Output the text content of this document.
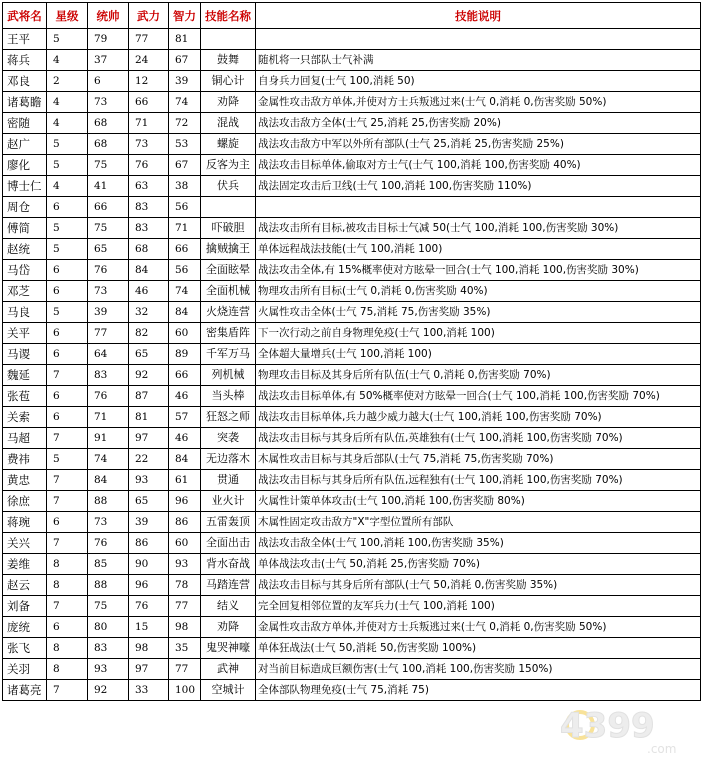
武将名	星级	统帅	武力	智力	技能名称	技能说明
王平	5	79	77	81		
蒋兵	4	37	24	67	鼓舞	随机将一只部队士气补满
邓良	2	6	12	39	铜心计	自身兵力回复(士气 100,消耗 50)
诸葛瞻	4	73	66	74	劝降	金属性攻击敌方单体,并使对方士兵叛逃过来(士气 0,消耗 0,伤害奖励 50%)
密随	4	68	71	72	混战	战法攻击敌方全体(士气 25,消耗 25,伤害奖励 20%)
赵广	5	68	73	53	螺旋	战法攻击敌方中军以外所有部队(士气 25,消耗 25,伤害奖励 25%)
廖化	5	75	76	67	反客为主	战法攻击目标单体,偷取对方士气(士气 100,消耗 100,伤害奖励 40%)
博士仁	4	41	63	38	伏兵	战法固定攻击后卫线(士气 100,消耗 100,伤害奖励 110%)
周仓	6	66	83	56		
傅简	5	75	83	71	吓破胆	战法攻击所有目标,被攻击目标士气减 50(士气 100,消耗 100,伤害奖励 30%)
赵统	5	65	68	66	擒贼擒王	单体远程战法技能(士气 100,消耗 100)
马岱	6	76	84	56	全面眩晕	战法攻击全体,有 15%概率使对方眩晕一回合(士气 100,消耗 100,伤害奖励 30%)
邓芝	6	73	46	74	全面机械	物理攻击所有目标(士气 0,消耗 0,伤害奖励 40%)
马良	5	39	32	84	火烧连营	火属性攻击全体(士气 75,消耗 75,伤害奖励 35%)
关平	6	77	82	60	密集盾阵	下一次行动之前自身物理免疫(士气 100,消耗 100)
马谡	6	64	65	89	千军万马	全体超大量增兵(士气 100,消耗 100)
魏延	7	83	92	66	列机械	物理攻击目标及其身后所有队伍(士气 0,消耗 0,伤害奖励 70%)
张苞	6	76	87	46	当头棒	战法攻击目标单体,有 50%概率使对方眩晕一回合(士气 100,消耗 100,伤害奖励 70%)
关索	6	71	81	57	狂怒之师	战法攻击目标单体,兵力越少威力越大(士气 100,消耗 100,伤害奖励 70%)
马超	7	91	97	46	突袭	战法攻击目标与其身后所有队伍,英雄独有(士气 100,消耗 100,伤害奖励 70%)
费祎	5	74	22	84	无边落木	木属性攻击目标与其身后部队(士气 75,消耗 75,伤害奖励 70%)
黄忠	7	84	93	61	贯通	战法攻击目标与其身后所有队伍,远程独有(士气 100,消耗 100,伤害奖励 70%)
徐庶	7	88	65	96	业火计	火属性计策单体攻击(士气 100,消耗 100,伤害奖励 80%)
蒋琬	6	73	39	86	五雷轰顶	木属性固定攻击敌方"X"字型位置所有部队
关兴	7	76	86	60	全面出击	战法攻击敌全体(士气 100,消耗 100,伤害奖励 35%)
姜维	8	85	90	93	背水奋战	单体战法攻击(士气 50,消耗 25,伤害奖励 70%)
赵云	8	88	96	78	马踏连营	战法攻击目标与其身后所有部队(士气 50,消耗 0,伤害奖励 35%)
刘备	7	75	76	77	结义	完全回复相邻位置的友军兵力(士气 100,消耗 100)
庞统	6	80	15	98	劝降	金属性攻击敌方单体,并使对方士兵叛逃过来(士气 0,消耗 0,伤害奖励 50%)
张飞	8	83	98	35	鬼哭神嚎	单体狂战法(士气 50,消耗 50,伤害奖励 100%)
关羽	8	93	97	77	武神	对当前目标造成巨额伤害(士气 100,消耗 100,伤害奖励 150%)
诸葛亮	7	92	33	100	空城计	全体部队物理免疫(士气 75,消耗 75)
4399
.com
